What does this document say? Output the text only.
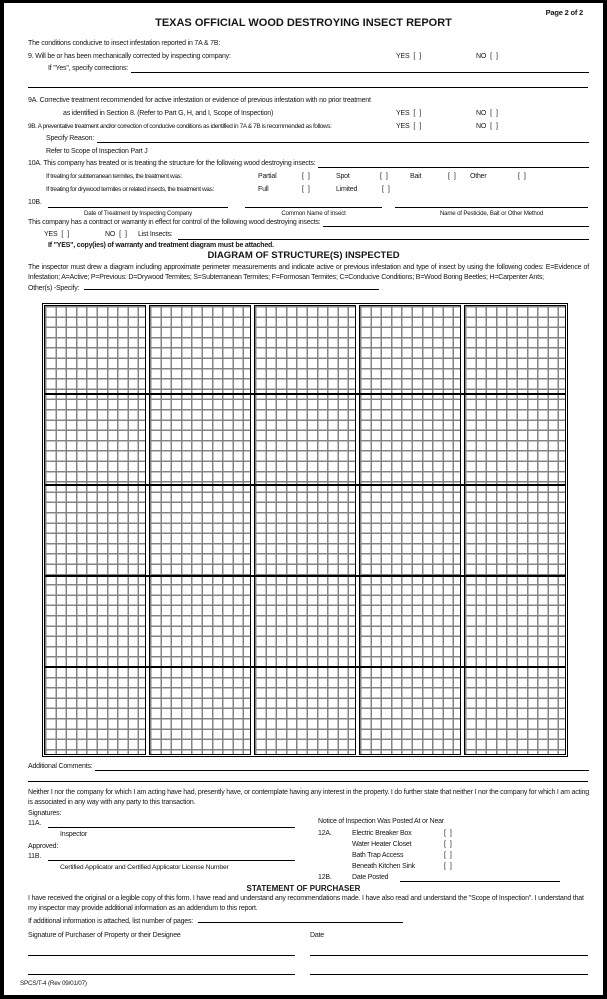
Page 2 of 2
TEXAS OFFICIAL WOOD DESTROYING INSECT REPORT
The conditions conducive to insect infestation reported in 7A & 7B:
9. Will be or has been mechanically corrected by inspecting company:	YES [  ]	NO [  ]
If "Yes", specify corrections:
9A. Corrective treatment recommended for active infestation or evidence of previous infestation with no prior treatment
as identified in Section 8. (Refer to Part G, H, and I, Scope of Inspection)	YES [  ]	NO [  ]
9B. A preventative treatment and/or correction of conducive conditions as identified in 7A & 7B is recommended as follows:	YES [  ]	NO [  ]
Specify Reason:
Refer to Scope of Inspection Part J
10A. This company has treated or is treating the structure for the following wood destroying insects:
If treating for subterranean termites, the treatment was:	Partial	[  ]	Spot	[  ]	Bait	[  ] Other	[  ]
If treating for drywood termites or related insects, the treatment was:	Full	[  ]	Limited	[  ]
10B.
Date of Treatment by Inspecting Company	Common Name of Insect	Name of Pesticide, Bait or Other Method
This company has a contract or warranty in effect for control of the following wood destroying insects:
YES [  ]	NO [  ] List Insects:
If "YES", copy(ies) of warranty and treatment diagram must be attached.
DIAGRAM OF STRUCTURE(S) INSPECTED
The inspector must drew a diagram including approximate perimeter measurements and indicate active or previous infestation and type of insect by using the following codes: E=Evidence of Infestation; A=Active; P=Previous: D=Drywood Termites; S=Subterranean Termites; F=Formosan Termites; C=Conducive Conditions; B=Wood Boring Beetles; H=Carpenter Ants;
Other(s) -Specify:
Additional Comments:
Neither I nor the company for which I am acting have had, presently have, or contemplate having any interest in the property. I do further state that neither I nor the company for which I am acting is associated in any way with any party to this transaction.
Signatures:
11A.	Notice of Inspection Was Posted At or Near
Inspector	12A.	Electric Breaker Box	[  ]
Water Heater Closet	[  ]
Approved:
Bath Trap Access	[  ]
11B.
Beneath Kitchen Sink	[  ]
Certified Applicator and Certified Applicator License Number
12B.	Date Posted
STATEMENT OF PURCHASER
I have received the original or a legible copy of this form. I have read and understand any recommendations made. I have also read and understand the "Scope of Inspection". I understand that my inspector may provide additional information as an addendum to this report.
If additional information is attached, list number of pages:
Signature of Purchaser of Property or their Designee	Date
SPCS/T-4 (Rev 09/01/07)
